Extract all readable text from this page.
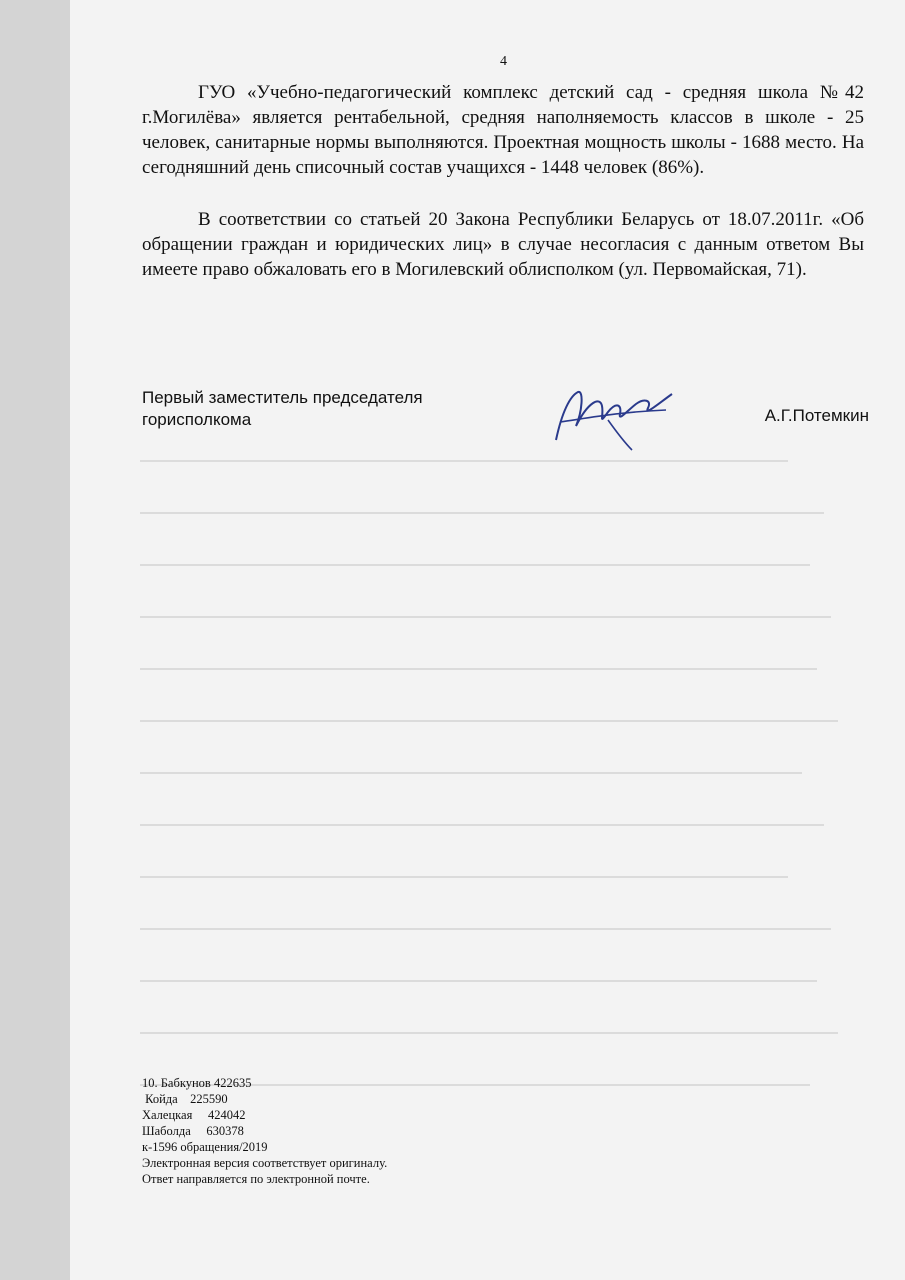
4

ГУО «Учебно-педагогический комплекс детский сад - средняя школа №42 г.Могилёва» является рентабельной, средняя наполняемость классов в школе - 25 человек, санитарные нормы выполняются. Проектная мощность школы - 1688 место. На сегодняшний день списочный состав учащихся - 1448 человек (86%).

В соответствии со статьей 20 Закона Республики Беларусь от 18.07.2011г. «Об обращении граждан и юридических лиц» в случае несогласия с данным ответом Вы имеете право обжаловать его в Могилевский облисполком (ул. Первомайская, 71).

Первый заместитель председателя
горисполкома	А.Г.Потемкин
10. Бабкунов 422635
Койда    225590
Халецкая     424042
Шаболда     630378
к-1596 обращения/2019
Электронная версия соответствует оригиналу.
Ответ направляется по электронной почте.
